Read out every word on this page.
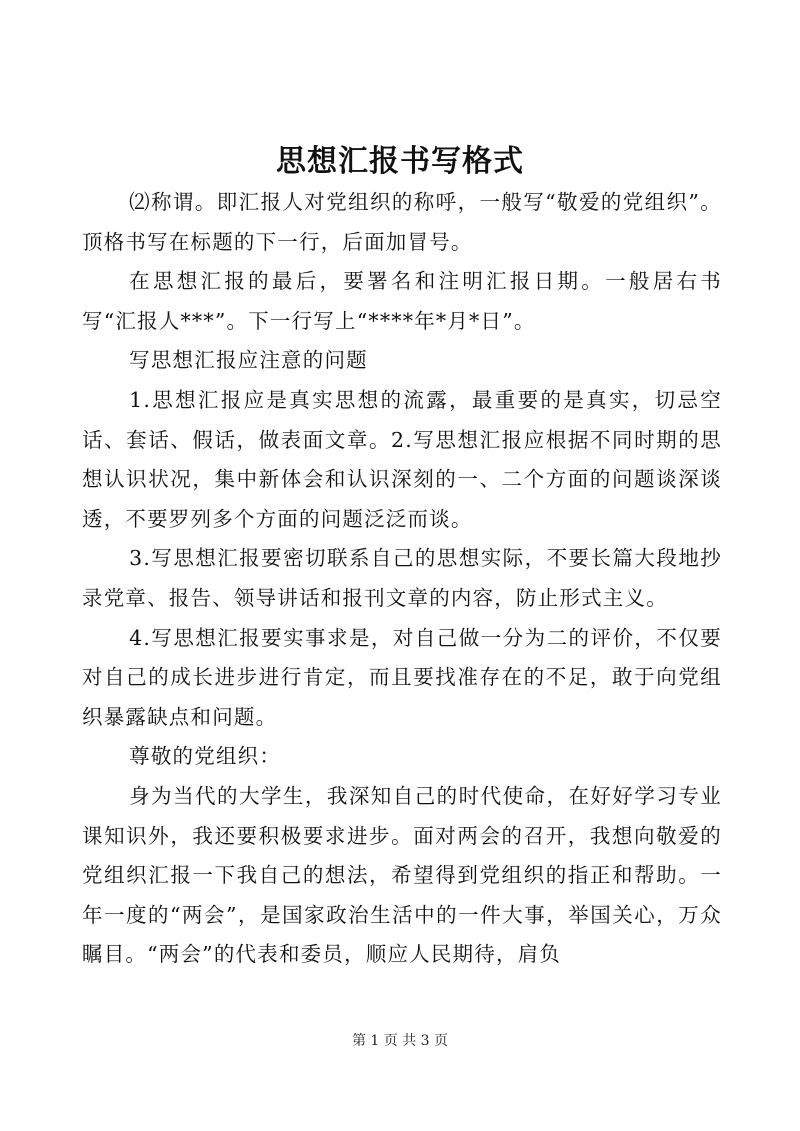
思想汇报书写格式

⑵称谓。即汇报人对党组织的称呼，一般写“敬爱的党组织”。顶格书写在标题的下一行，后面加冒号。

在思想汇报的最后，要署名和注明汇报日期。一般居右书写“汇报人***”。下一行写上“****年*月*日”。

写思想汇报应注意的问题

1.思想汇报应是真实思想的流露，最重要的是真实，切忌空话、套话、假话，做表面文章。2.写思想汇报应根据不同时期的思想认识状况，集中新体会和认识深刻的一、二个方面的问题谈深谈透，不要罗列多个方面的问题泛泛而谈。

3.写思想汇报要密切联系自己的思想实际，不要长篇大段地抄录党章、报告、领导讲话和报刊文章的内容，防止形式主义。

4.写思想汇报要实事求是，对自己做一分为二的评价，不仅要对自己的成长进步进行肯定，而且要找准存在的不足，敢于向党组织暴露缺点和问题。

尊敬的党组织：

身为当代的大学生，我深知自己的时代使命，在好好学习专业课知识外，我还要积极要求进步。面对两会的召开，我想向敬爱的党组织汇报一下我自己的想法，希望得到党组织的指正和帮助。一年一度的“两会”，是国家政治生活中的一件大事，举国关心，万众瞩目。“两会”的代表和委员，顺应人民期待，肩负

第 1 页 共 3 页
